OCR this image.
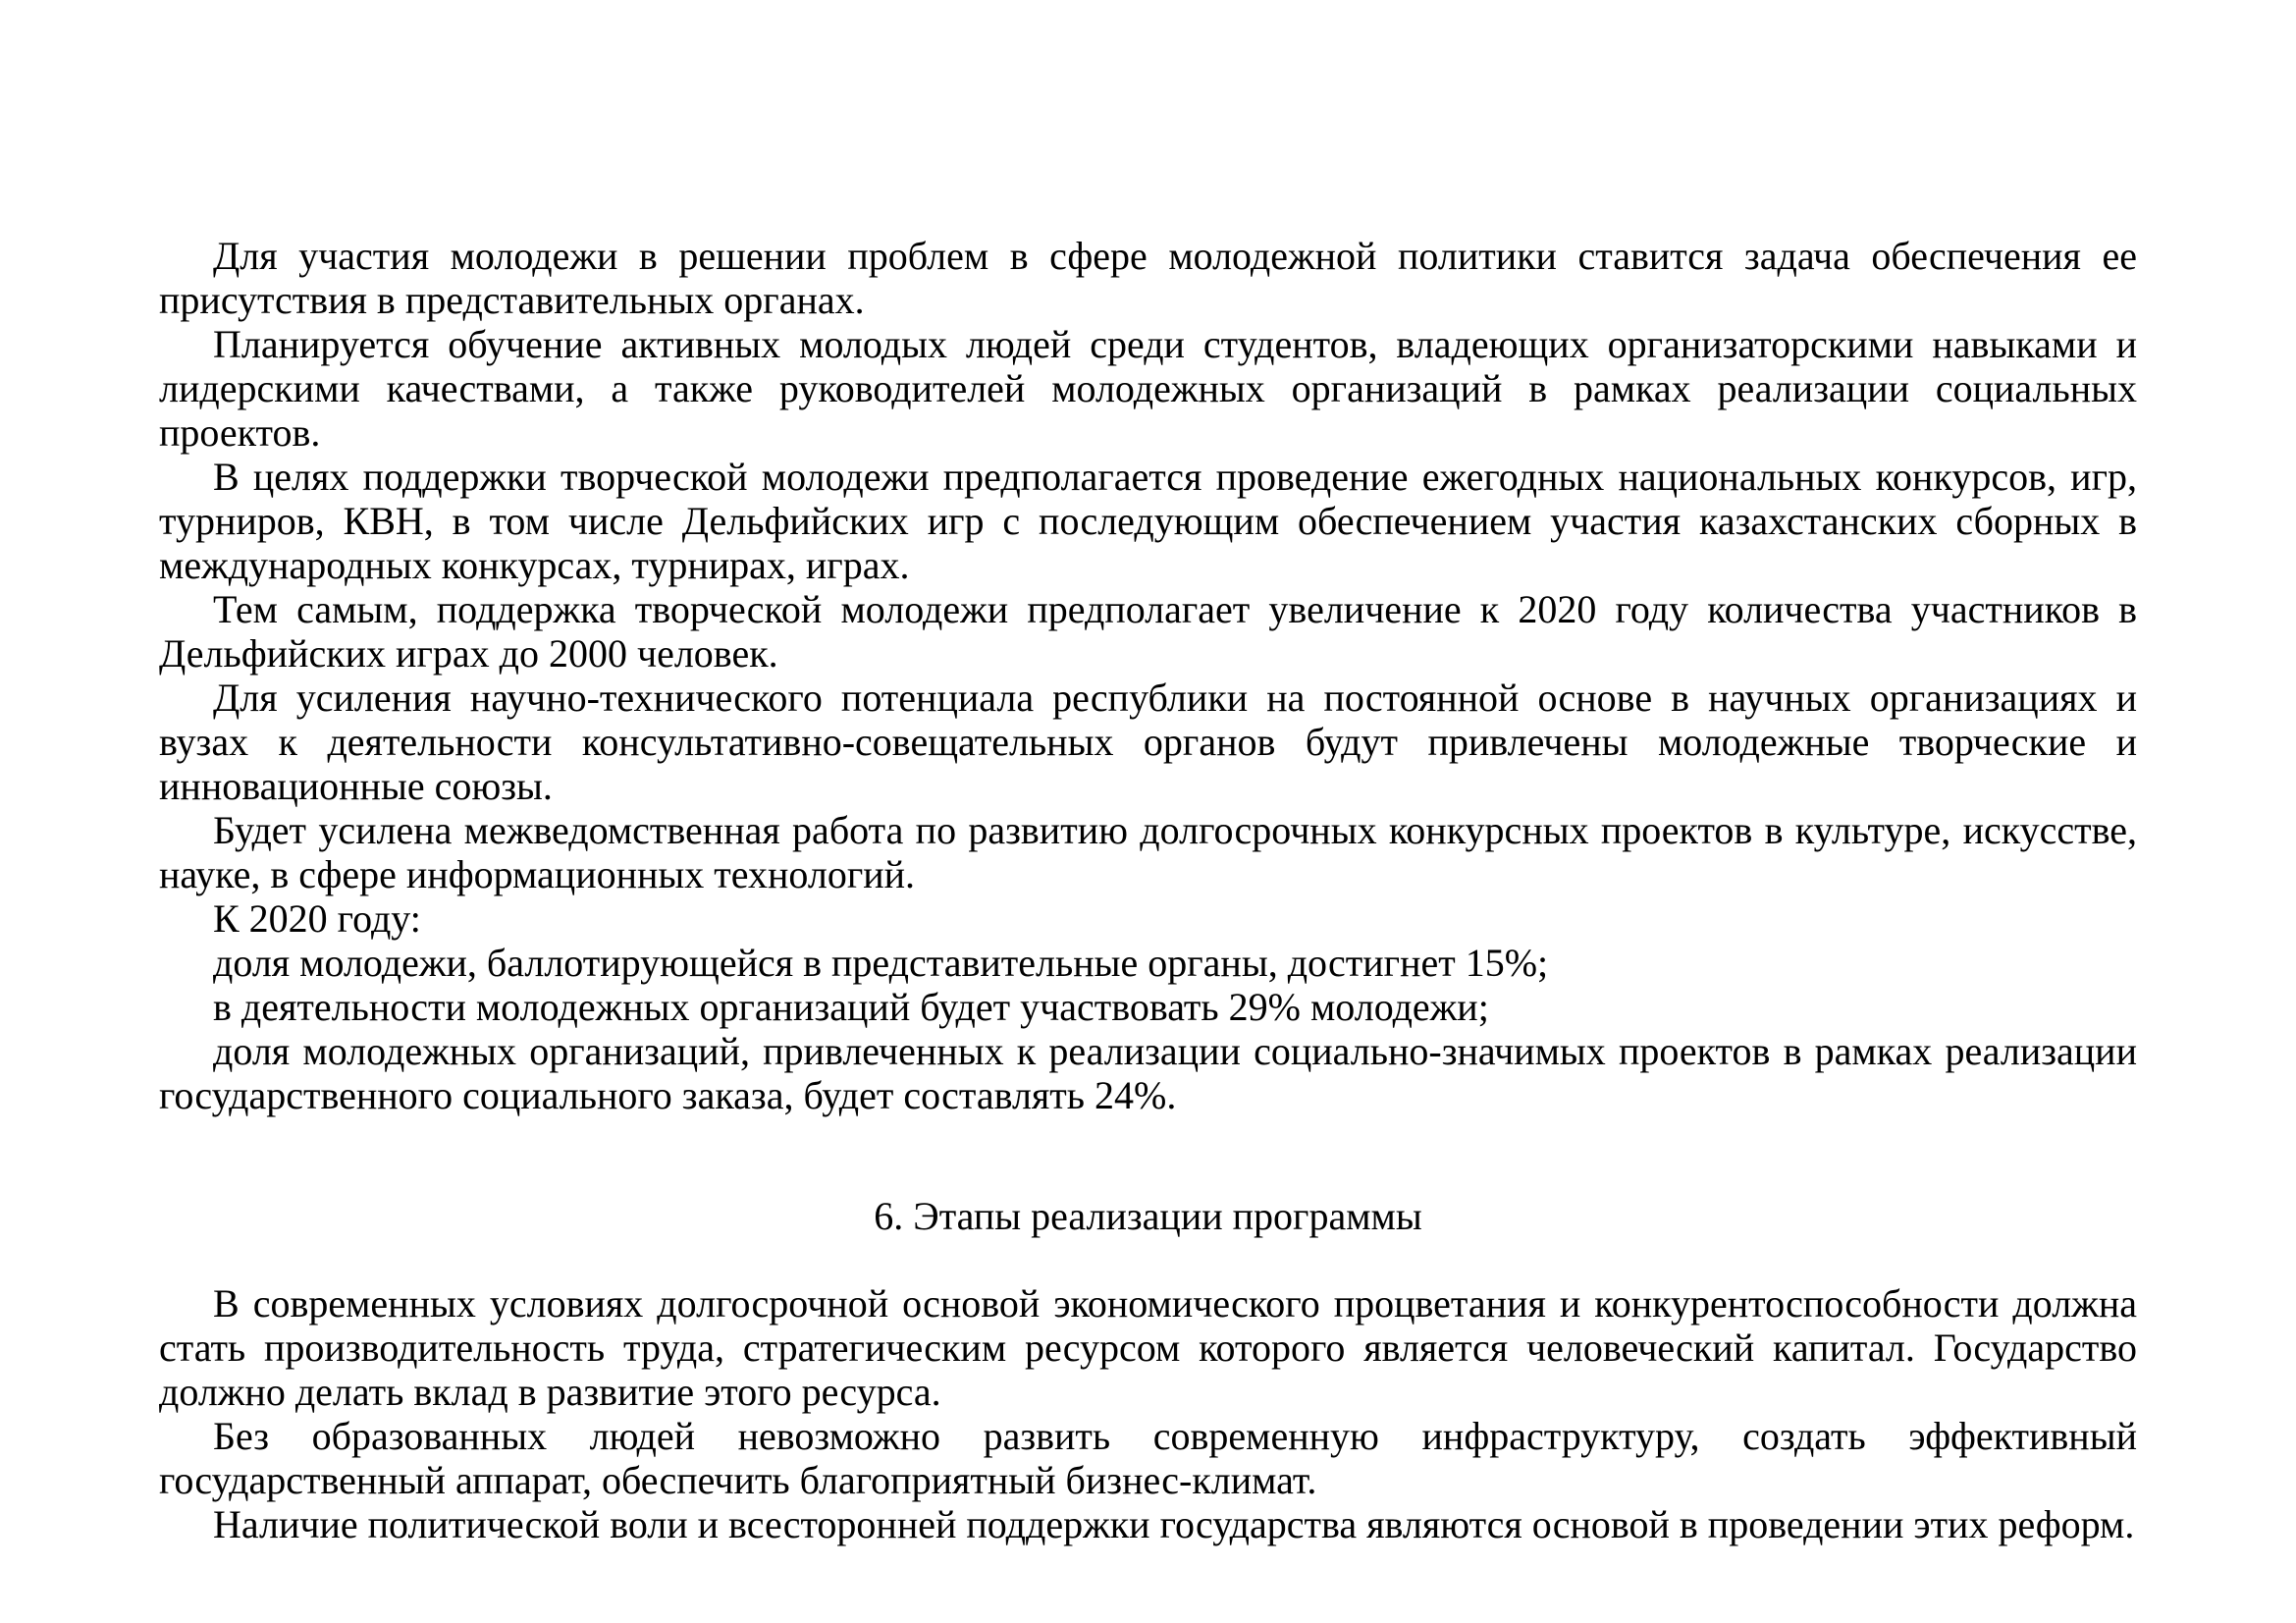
Для участия молодежи в решении проблем в сфере молодежной политики ставится задача обеспечения ее присутствия в представительных органах.

Планируется обучение активных молодых людей среди студентов, владеющих организаторскими навыками и лидерскими качествами, а также руководителей молодежных организаций в рамках реализации социальных проектов.

В целях поддержки творческой молодежи предполагается проведение ежегодных национальных конкурсов, игр, турниров, КВН, в том числе Дельфийских игр с последующим обеспечением участия казахстанских сборных в международных конкурсах, турнирах, играх.

Тем самым, поддержка творческой молодежи предполагает увеличение к 2020 году количества участников в Дельфийских играх до 2000 человек.

Для усиления научно-технического потенциала республики на постоянной основе в научных организациях и вузах к деятельности консультативно-совещательных органов будут привлечены молодежные творческие и инновационные союзы.

Будет усилена межведомственная работа по развитию долгосрочных конкурсных проектов в культуре, искусстве, науке, в сфере информационных технологий.

К 2020 году:

доля молодежи, баллотирующейся в представительные органы, достигнет 15%;

в деятельности молодежных организаций будет участвовать 29% молодежи;

доля молодежных организаций, привлеченных к реализации социально-значимых проектов в рамках реализации государственного социального заказа, будет составлять 24%.

6. Этапы реализации программы

В современных условиях долгосрочной основой экономического процветания и конкурентоспособности должна стать производительность труда, стратегическим ресурсом которого является человеческий капитал. Государство должно делать вклад в развитие этого ресурса.

Без образованных людей невозможно развить современную инфраструктуру, создать эффективный государственный аппарат, обеспечить благоприятный бизнес-климат.

Наличие политической воли и всесторонней поддержки государства являются основой в проведении этих реформ.
